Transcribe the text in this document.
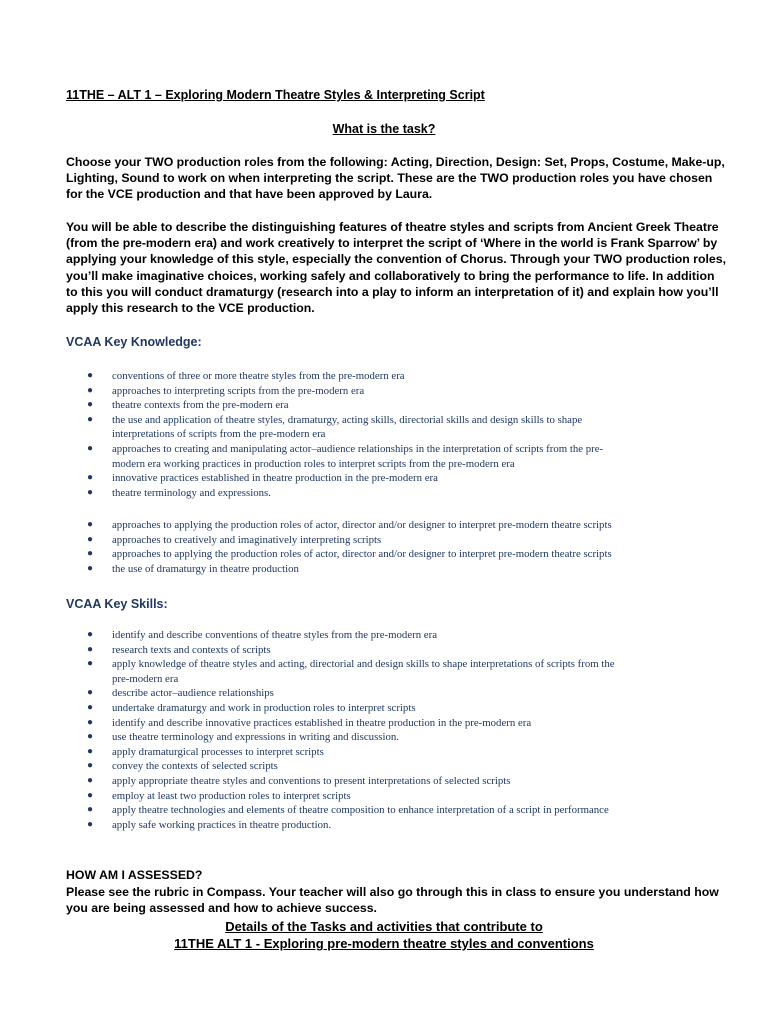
11THE – ALT 1 – Exploring Modern Theatre Styles & Interpreting Script
What is the task?

Choose your TWO production roles from the following: Acting, Direction, Design: Set, Props, Costume, Make-up, Lighting, Sound to work on when interpreting the script. These are the TWO production roles you have chosen for the VCE production and that have been approved by Laura.

You will be able to describe the distinguishing features of theatre styles and scripts from Ancient Greek Theatre (from the pre-modern era) and work creatively to interpret the script of ‘Where in the world is Frank Sparrow’ by applying your knowledge of this style, especially the convention of Chorus. Through your TWO production roles, you’ll make imaginative choices, working safely and collaboratively to bring the performance to life. In addition to this you will conduct dramaturgy (research into a play to inform an interpretation of it) and explain how you’ll apply this research to the VCE production.

VCAA Key Knowledge:
● conventions of three or more theatre styles from the pre-modern era
● approaches to interpreting scripts from the pre-modern era
● theatre contexts from the pre-modern era
● the use and application of theatre styles, dramaturgy, acting skills, directorial skills and design skills to shape interpretations of scripts from the pre-modern era
● approaches to creating and manipulating actor–audience relationships in the interpretation of scripts from the pre-modern era working practices in production roles to interpret scripts from the pre-modern era
● innovative practices established in theatre production in the pre-modern era
● theatre terminology and expressions.
● approaches to applying the production roles of actor, director and/or designer to interpret pre-modern theatre scripts
● approaches to creatively and imaginatively interpreting scripts
● approaches to applying the production roles of actor, director and/or designer to interpret pre-modern theatre scripts
● the use of dramaturgy in theatre production
VCAA Key Skills:
● identify and describe conventions of theatre styles from the pre-modern era
● research texts and contexts of scripts
● apply knowledge of theatre styles and acting, directorial and design skills to shape interpretations of scripts from the pre-modern era
● describe actor–audience relationships
● undertake dramaturgy and work in production roles to interpret scripts
● identify and describe innovative practices established in theatre production in the pre-modern era
● use theatre terminology and expressions in writing and discussion.
● apply dramaturgical processes to interpret scripts
● convey the contexts of selected scripts
● apply appropriate theatre styles and conventions to present interpretations of selected scripts
● employ at least two production roles to interpret scripts
● apply theatre technologies and elements of theatre composition to enhance interpretation of a script in performance
● apply safe working practices in theatre production.
HOW AM I ASSESSED?

Please see the rubric in Compass. Your teacher will also go through this in class to ensure you understand how you are being assessed and how to achieve success.

Details of the Tasks and activities that contribute to
11THE ALT 1 - Exploring pre-modern theatre styles and conventions
